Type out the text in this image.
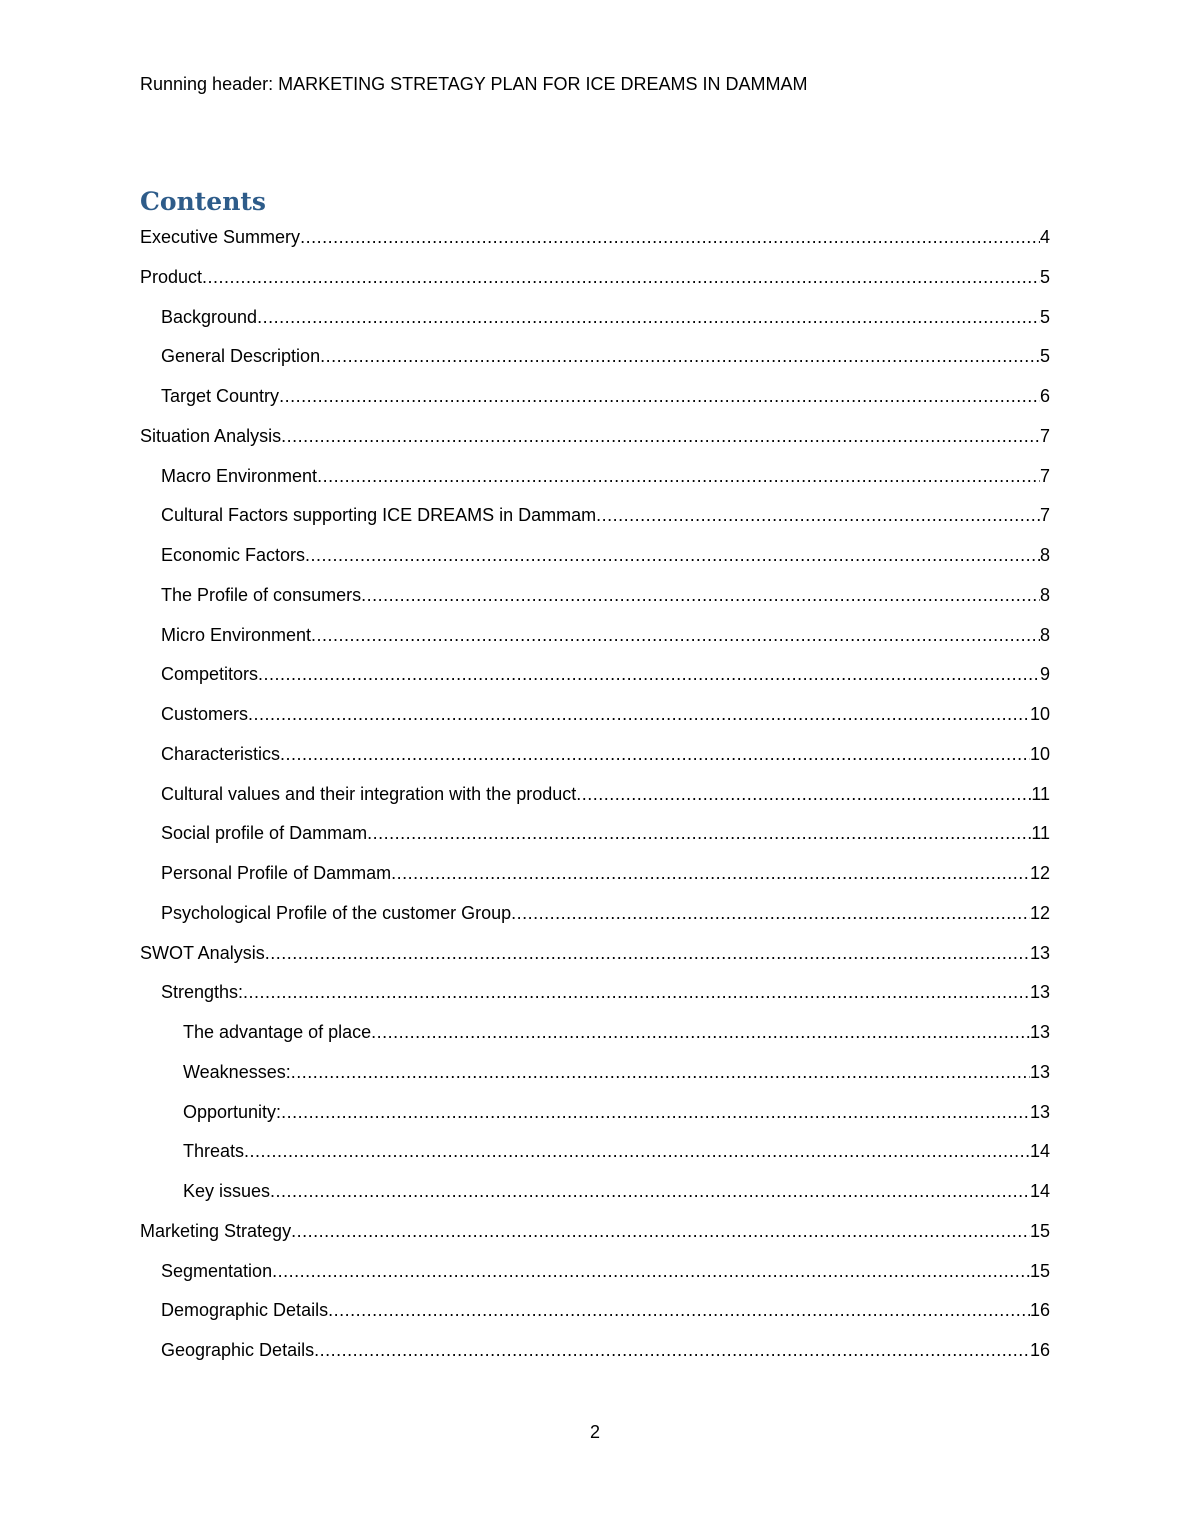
Running header: MARKETING STRETAGY PLAN FOR ICE DREAMS IN DAMMAM
Contents
Executive Summery .....	4
Product .....	5
Background .....	5
General Description .....	5
Target Country .....	6
Situation Analysis .....	7
Macro Environment .....	7
Cultural Factors supporting ICE DREAMS in Dammam .....	7
Economic Factors .....	8
The Profile of consumers .....	8
Micro Environment .....	8
Competitors .....	9
Customers .....	10
Characteristics .....	10
Cultural values and their integration with the product .....	11
Social profile of Dammam .....	11
Personal Profile of Dammam .....	12
Psychological Profile of the customer Group .....	12
SWOT Analysis .....	13
Strengths: .....	13
The advantage of place .....	13
Weaknesses: .....	13
Opportunity: .....	13
Threats .....	14
Key issues .....	14
Marketing Strategy .....	15
Segmentation .....	15
Demographic Details .....	16
Geographic Details .....	16
2
